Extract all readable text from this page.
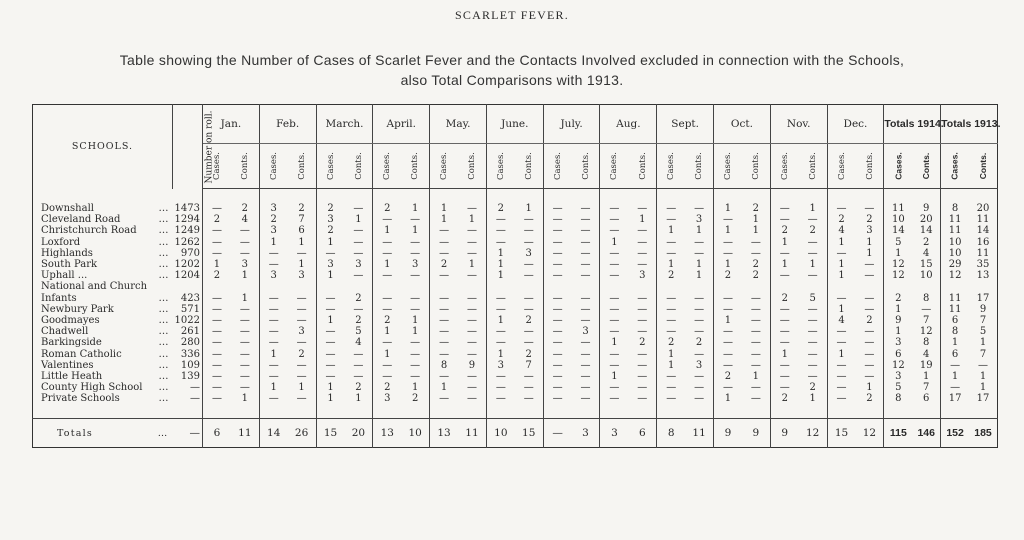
SCARLET FEVER.
Table showing the Number of Cases of Scarlet Fever and the Contacts Involved excluded in connection with the Schools,
also Total Comparisons with 1913.
SCHOOLS.	Number on roll.	Jan.		Feb.		March.		April.		May.		June.		July.		Aug.		Sept.		Oct.		Nov.		Dec.		Totals 1914.		Totals 1913.	
		Cases.	Conts.	Cases.	Conts.	Cases.	Conts.	Cases.	Conts.	Cases.	Conts.	Cases.	Conts.	Cases.	Conts.	Cases.	Conts.	Cases.	Conts.	Cases.	Conts.	Cases.	Conts.	Cases.	Conts.	Cases.	Conts.	Cases.	Conts.

Downshall …	1473	—	2	3	2	2	—	2	1	1	—	2	1	—	—	—	—	—	—	1	2	—	1	—	—	11	9	8	20
Cleveland Road …	1294	2	4	2	7	3	1	—	—	1	1	—	—	—	—	—	1	—	3	—	1	—	—	2	2	10	20	11	11
Christchurch Road …	1249	—	—	3	6	2	—	1	1	—	—	—	—	—	—	—	—	1	1	1	1	2	2	4	3	14	14	11	14
Loxford …	1262	—	—	1	1	1	—	—	—	—	—	—	—	—	—	1	—	—	—	—	—	1	—	1	1	5	2	10	16
Highlands …	970	—	—	—	—	—	—	—	—	—	—	1	3	—	—	—	—	—	—	—	—	—	—	—	1	1	4	10	11
South Park …	1202	1	3	—	1	3	3	1	3	2	1	1	—	—	—	—	—	1	1	1	2	1	1	1	—	12	15	29	35
Uphall ... …	1204	2	1	3	3	1	—	—	—	—	—	1	—	—	—	—	3	2	1	2	2	—	—	1	—	12	10	12	13
National and Church																													
Infants …	423	—	1	—	—	—	2	—	—	—	—	—	—	—	—	—	—	—	—	—	—	2	5	—	—	2	8	11	17
Newbury Park …	571	—	—	—	—	—	—	—	—	—	—	—	—	—	—	—	—	—	—	—	—	—	—	1	—	1	—	11	9
Goodmayes …	1022	—	—	—	—	1	2	2	1	—	—	1	2	—	—	—	—	—	—	1	—	—	—	4	2	9	7	6	7
Chadwell …	261	—	—	—	3	—	5	1	1	—	—	—	—	—	3	—	—	—	—	—	—	—	—	—	—	1	12	8	5
Barkingside …	280	—	—	—	—	—	4	—	—	—	—	—	—	—	—	1	2	2	2	—	—	—	—	—	—	3	8	1	1
Roman Catholic …	336	—	—	1	2	—	—	1	—	—	—	1	2	—	—	—	—	1	—	—	—	1	—	1	—	6	4	6	7
Valentines …	109	—	—	—	—	—	—	—	—	8	9	3	7	—	—	—	—	1	3	—	—	—	—	—	—	12	19	—	—
Little Heath …	139	—	—	—	—	—	—	—	—	—	—	—	—	—	—	1	—	—	—	2	1	—	—	—	—	3	1	1	1
County High School …	—	—	—	1	1	1	2	2	1	1	—	—	—	—	—	—	—	—	—	—	—	—	2	—	1	5	7	—	1
Private Schools …	—	—	1	—	—	1	1	3	2	—	—	—	—	—	—	—	—	—	—	1	—	2	1	—	2	8	6	17	17

Totals …	—	6	11	14	26	15	20	13	10	13	11	10	15	—	3	3	6	8	11	9	9	9	12	15	12	115	146	152	185
